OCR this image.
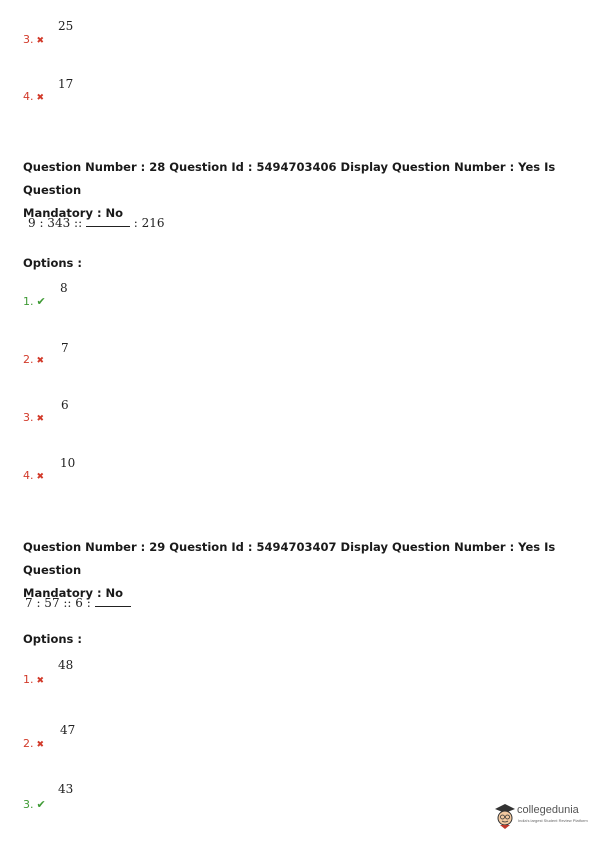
3. ✖
25
4. ✖
17
Question Number : 28 Question Id : 5494703406 Display Question Number : Yes Is Question
Mandatory : No
9 : 343 ::	: 216
Options :
1. ✔
8
2. ✖
7
3. ✖
6
4. ✖
10
Question Number : 29 Question Id : 5494703407 Display Question Number : Yes Is Question
Mandatory : No
7 : 57 :: 6 :
Options :
1. ✖
48
2. ✖
47
3. ✔
43
collegedunia
India's largest Student Review Platform
